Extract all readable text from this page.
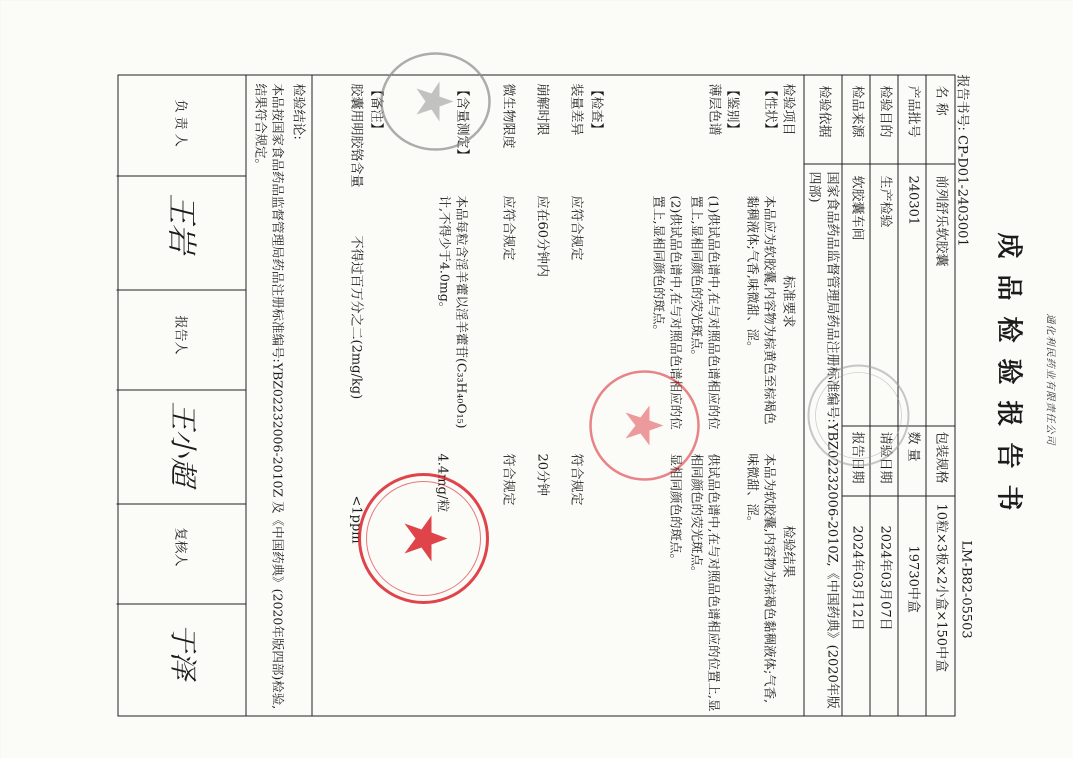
通化利民药业有限责任公司
成品检验报告书
报告书号: CP-D01-2403001
LM-B82-05503
名 称
前列舒乐软胶囊
包装规格
10粒×3板×2小盒×150中盒
产品批号
240301
数 量
19730中盒
检验目的
生产检验
请验日期
2024年03月07日
检品来源
软胶囊车间
报告日期
2024年03月12日
检验依据
国家食品药品监督管理局药品注册标准编号:YBZ02232006-2010Z,《中国药典》(2020年版四部)
检验项目
标准要求
检验结果
【性状】
本品应为软胶囊,内容物为棕黄色至棕褐色黏稠液体;气香,味微甜、涩。
本品为软胶囊,内容物为棕褐色黏稠液体;气香,味微甜、涩。
【鉴别】
薄层色谱
(1)供试品色谱中,在与对照品色谱相应的位置上,显相同颜色的荧光斑点。
供试品色谱中,在与对照品色谱相应的位置上,显相同颜色的荧光斑点。
(2)供试品色谱中,在与对照品色谱相应的位置上,显相同颜色的斑点。
显相同颜色的斑点。
【检查】
装量差异
应符合规定
符合规定
崩解时限
应在60分钟内
20分钟
微生物限度
应符合规定
符合规定
【含量测定】
本品每粒含淫羊藿以淫羊藿苷(C₃₃H₄₀O₁₅)计,不得少于4.0mg。
4.4mg/粒
【备注】
胶囊用明胶铬含量
不得过百万分之二(2mg/kg)
<1ppm
检验结论:
本品按国家食品药品监督管理局药品注册标准编号:YBZ02232006-2010Z 及《中国药典》(2020年版四部)检验,结果符合规定。
负 责 人
王岩
报告人
王小超
复核人
于泽
